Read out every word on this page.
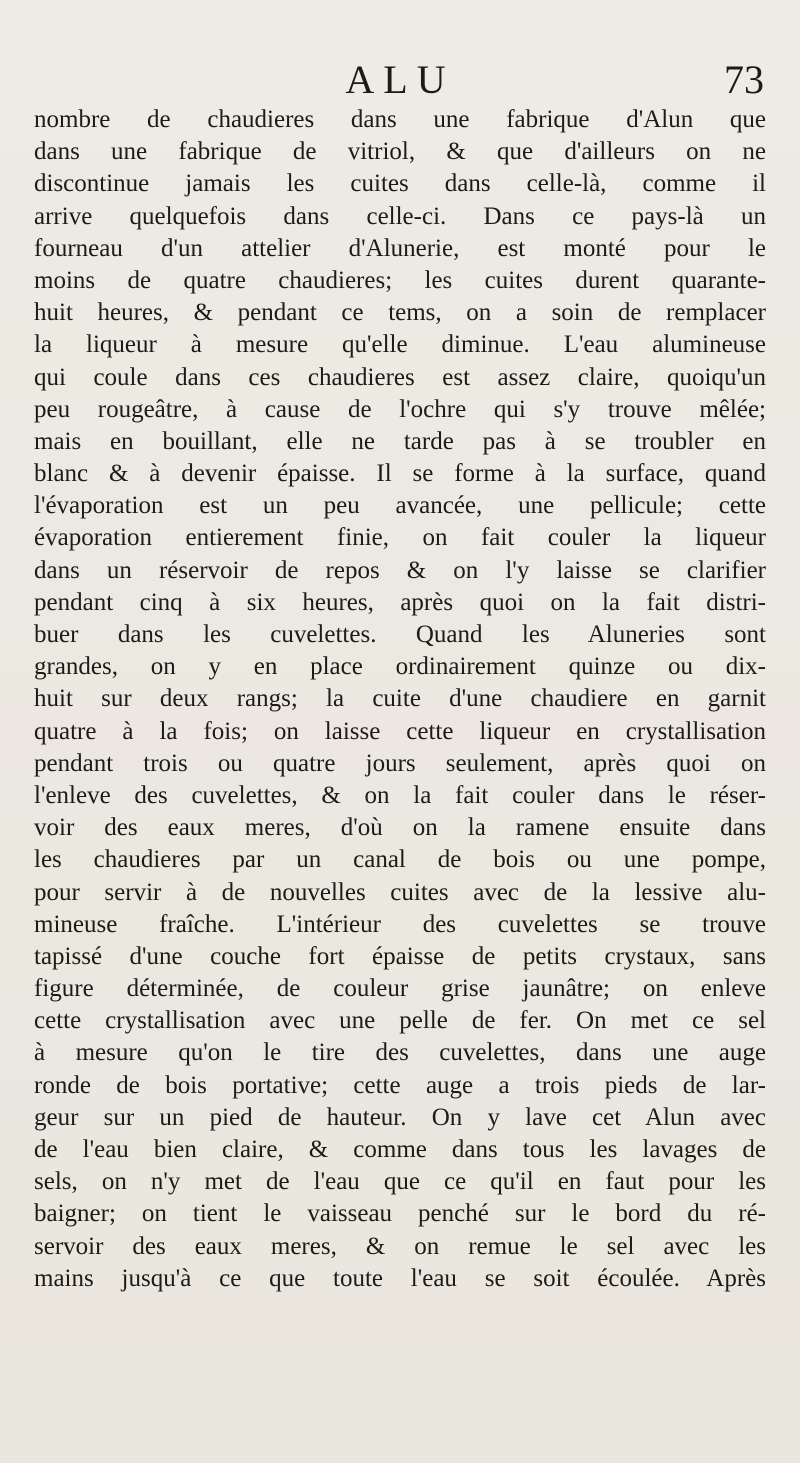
ALU	73
nombre de chaudieres dans une fabrique d'Alun que
dans une fabrique de vitriol, & que d'ailleurs on ne
discontinue jamais les cuites dans celle-là, comme il
arrive quelquefois dans celle-ci. Dans ce pays-là un
fourneau d'un attelier d'Alunerie, est monté pour le
moins de quatre chaudieres; les cuites durent quarante-
huit heures, & pendant ce tems, on a soin de remplacer
la liqueur à mesure qu'elle diminue. L'eau alumineuse
qui coule dans ces chaudieres est assez claire, quoiqu'un
peu rougeâtre, à cause de l'ochre qui s'y trouve mêlée;
mais en bouillant, elle ne tarde pas à se troubler en
blanc & à devenir épaisse. Il se forme à la surface, quand
l'évaporation est un peu avancée, une pellicule; cette
évaporation entierement finie, on fait couler la liqueur
dans un réservoir de repos & on l'y laisse se clarifier
pendant cinq à six heures, après quoi on la fait distri-
buer dans les cuvelettes. Quand les Aluneries sont
grandes, on y en place ordinairement quinze ou dix-
huit sur deux rangs; la cuite d'une chaudiere en garnit
quatre à la fois; on laisse cette liqueur en crystallisation
pendant trois ou quatre jours seulement, après quoi on
l'enleve des cuvelettes, & on la fait couler dans le réser-
voir des eaux meres, d'où on la ramene ensuite dans
les chaudieres par un canal de bois ou une pompe,
pour servir à de nouvelles cuites avec de la lessive alu-
mineuse fraîche. L'intérieur des cuvelettes se trouve
tapissé d'une couche fort épaisse de petits crystaux, sans
figure déterminée, de couleur grise jaunâtre; on enleve
cette crystallisation avec une pelle de fer. On met ce sel
à mesure qu'on le tire des cuvelettes, dans une auge
ronde de bois portative; cette auge a trois pieds de lar-
geur sur un pied de hauteur. On y lave cet Alun avec
de l'eau bien claire, & comme dans tous les lavages de
sels, on n'y met de l'eau que ce qu'il en faut pour les
baigner; on tient le vaisseau penché sur le bord du ré-
servoir des eaux meres, & on remue le sel avec les
mains jusqu'à ce que toute l'eau se soit écoulée. Après
